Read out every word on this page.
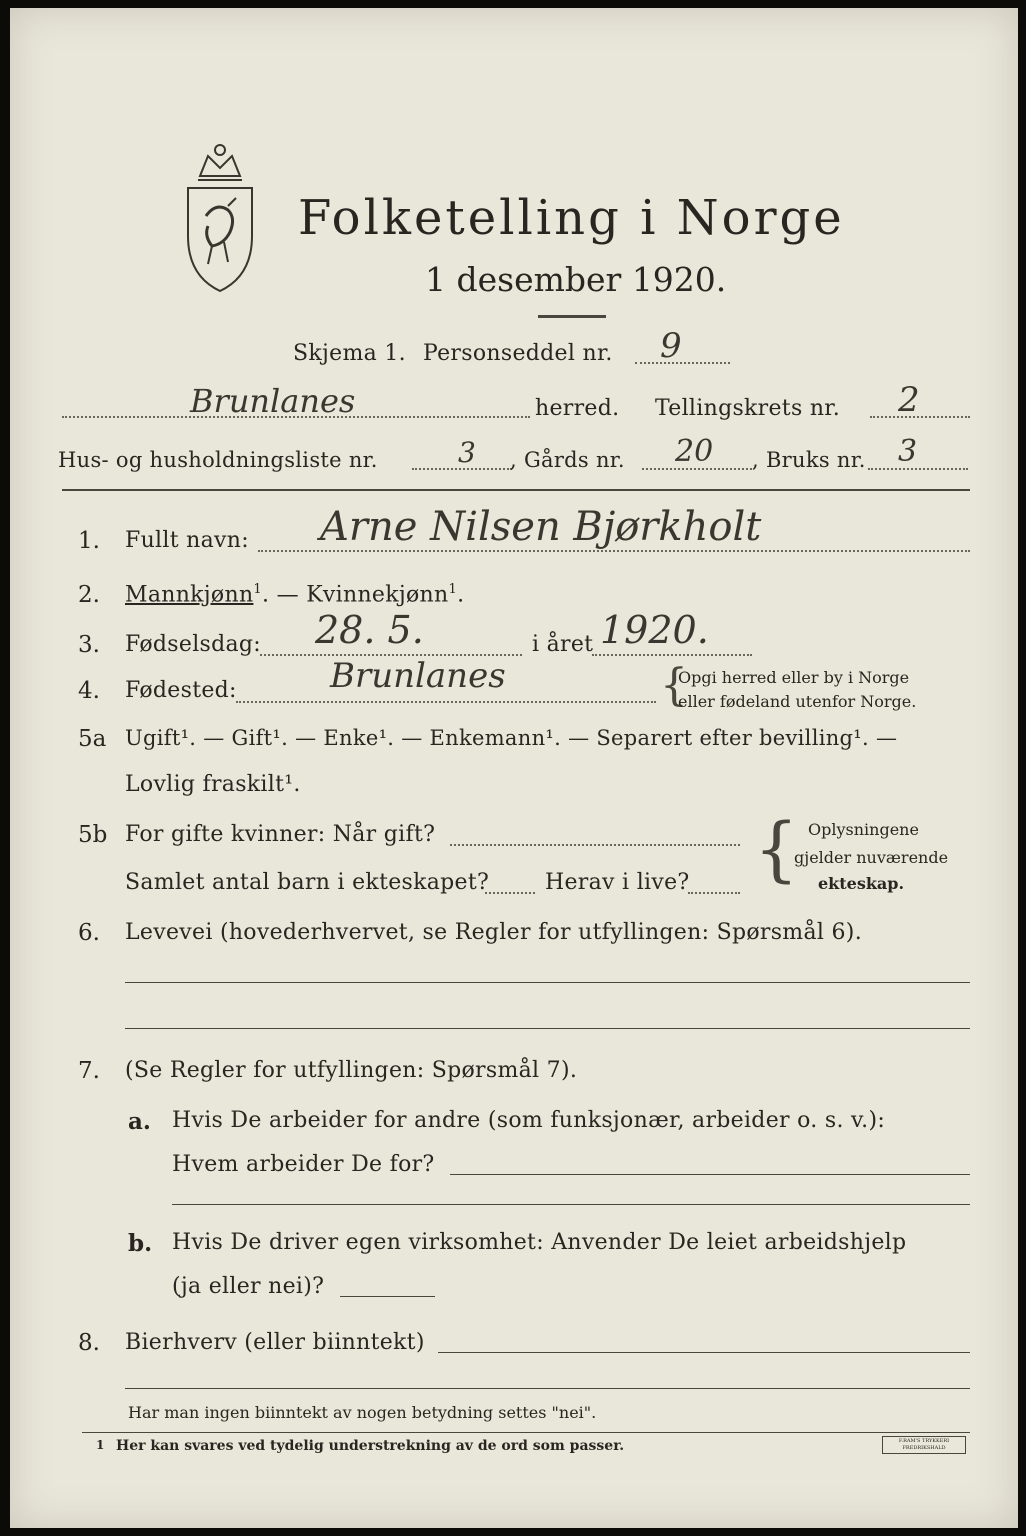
Folketelling i Norge
1 desember 1920.
Skjema 1. Personseddel nr. 9
Brunlanes	herred. Tellingskrets nr. 2
Hus- og husholdningsliste nr.	3 , Gårds nr. 20 , Bruks nr. 3
1. Fullt navn: Arne Nilsen Bjørkholt
2. Mannkjønn$^1$. — Kvinnekjønn$^1$.
3. Fødselsdag: 28. 5.	i året 1920.
4. Fødested:	Brunlanes	{
Opgi herred eller by i Norge
eller fødeland utenfor Norge.
5a Ugift¹. — Gift¹. — Enke¹. — Enkemann¹. — Separert efter bevilling¹. —
Lovlig fraskilt¹.
5b For gifte kvinner: Når gift?
Samlet antal barn i ekteskapet?	Herav i live? { Oplysningene
gjelder nuværende
ekteskap.
6. Levevei (hovederhvervet, se Regler for utfyllingen: Spørsmål 6).
7. (Se Regler for utfyllingen: Spørsmål 7).
a. Hvis De arbeider for andre (som funksjonær, arbeider o. s. v.):
Hvem arbeider De for?
b. Hvis De driver egen virksomhet: Anvender De leiet arbeidshjelp
(ja eller nei)?
8. Bierhverv (eller biinntekt)
Har man ingen biinntekt av nogen betydning settes "nei".
1 Her kan svares ved tydelig understrekning av de ord som passer.	F.RAM'S TRYKKERI FREDRIKSHALD
